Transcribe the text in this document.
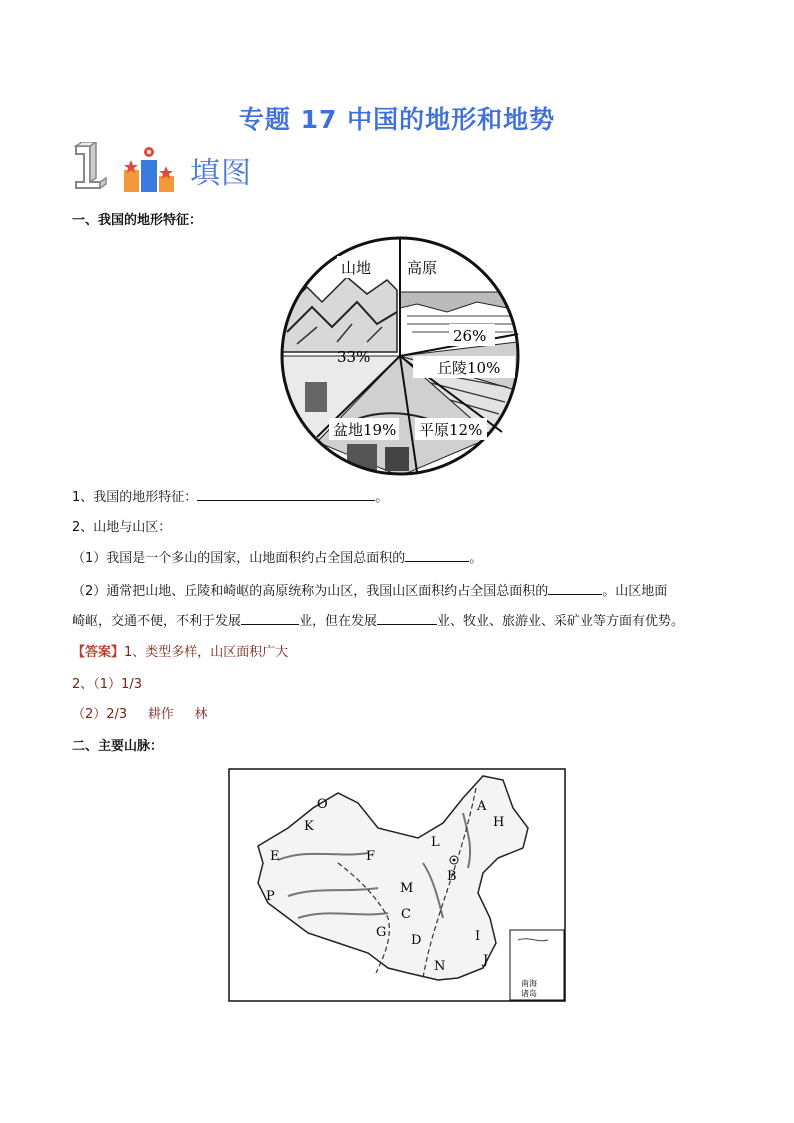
专题 17 中国的地形和地势
填图
一、我国的地形特征：
山地 高原
26%
33%
丘陵10%
盆地19% 平原12%
1、我国的地形特征：	。
2、山地与山区：
（1）我国是一个多山的国家，山地面积约占全国总面积的	。
（2）通常把山地、丘陵和崎岖的高原统称为山区，我国山区面积约占全国总面积的	。山区地面
崎岖，交通不便，不利于发展	业，但在发展	业、牧业、旅游业、采矿业等方面有优势。
【答案】1、类型多样，山区面积广大
2、（1）1/3
（2）2/3     耕作     林
二、主要山脉：
南海
诸岛
A
B
C
D
E	F
G
H
I
J
K
L
M
N
O
P
